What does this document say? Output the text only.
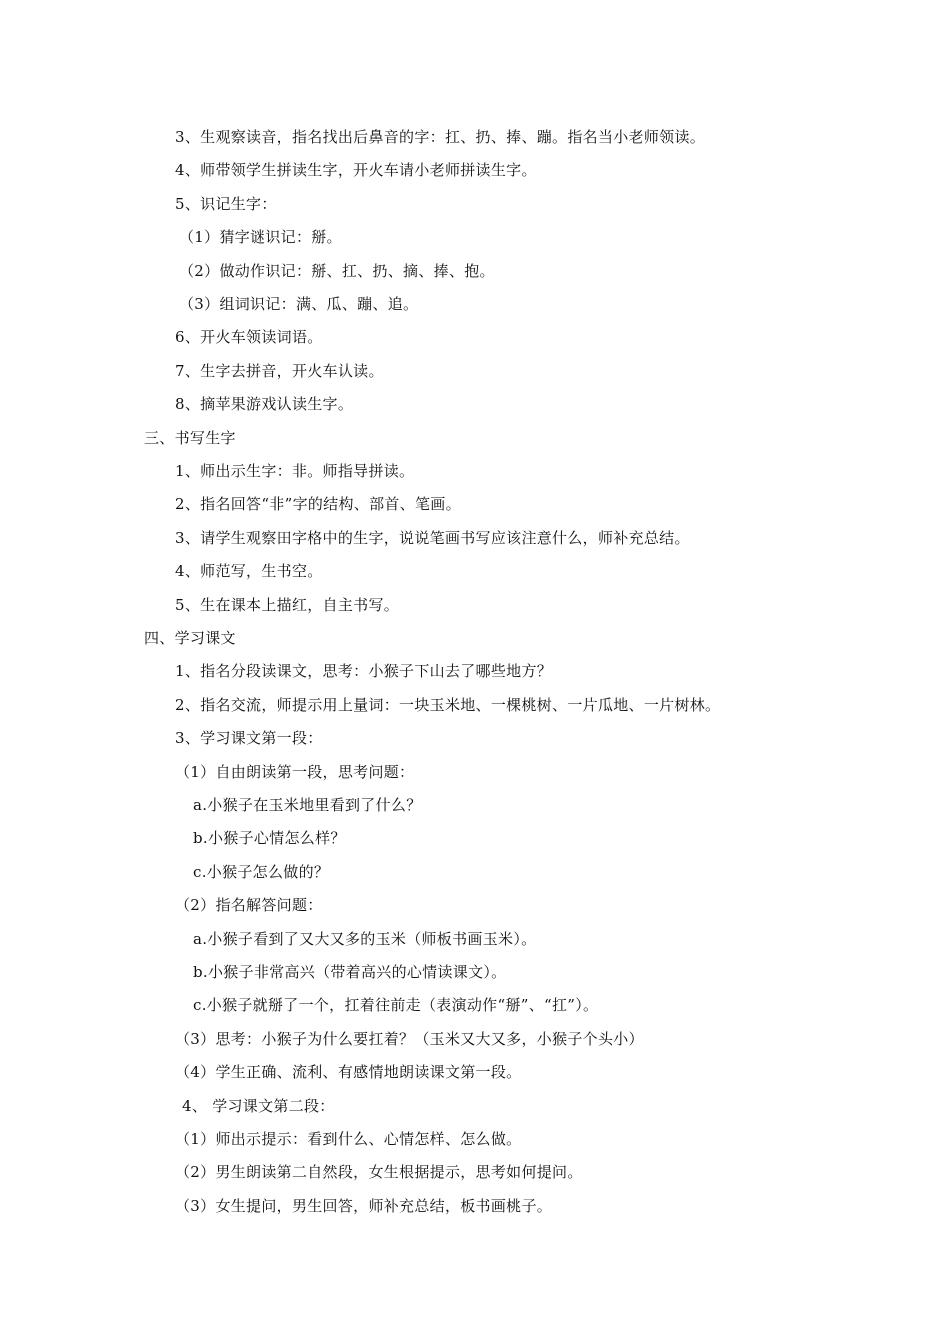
3、生观察读音，指名找出后鼻音的字：扛、扔、捧、蹦。指名当小老师领读。
4、师带领学生拼读生字，开火车请小老师拼读生字。
5、识记生字：
（1）猜字谜识记：掰。
（2）做动作识记：掰、扛、扔、摘、捧、抱。
（3）组词识记：满、瓜、蹦、追。
6、开火车领读词语。
7、生字去拼音，开火车认读。
8、摘苹果游戏认读生字。
三、书写生字
1、师出示生字：非。师指导拼读。
2、指名回答“非”字的结构、部首、笔画。
3、请学生观察田字格中的生字，说说笔画书写应该注意什么，师补充总结。
4、师范写，生书空。
5、生在课本上描红，自主书写。
四、学习课文
1、指名分段读课文，思考：小猴子下山去了哪些地方？
2、指名交流，师提示用上量词：一块玉米地、一棵桃树、一片瓜地、一片树林。
3、学习课文第一段：
（1）自由朗读第一段，思考问题：
a.小猴子在玉米地里看到了什么？
b.小猴子心情怎么样？
c.小猴子怎么做的？
（2）指名解答问题：
a.小猴子看到了又大又多的玉米（师板书画玉米）。
b.小猴子非常高兴（带着高兴的心情读课文）。
c.小猴子就掰了一个，扛着往前走（表演动作“掰”、“扛”）。
（3）思考：小猴子为什么要扛着？（玉米又大又多，小猴子个头小）
（4）学生正确、流利、有感情地朗读课文第一段。
4、 学习课文第二段：
（1）师出示提示：看到什么、心情怎样、怎么做。
（2）男生朗读第二自然段，女生根据提示，思考如何提问。
（3）女生提问，男生回答，师补充总结，板书画桃子。
